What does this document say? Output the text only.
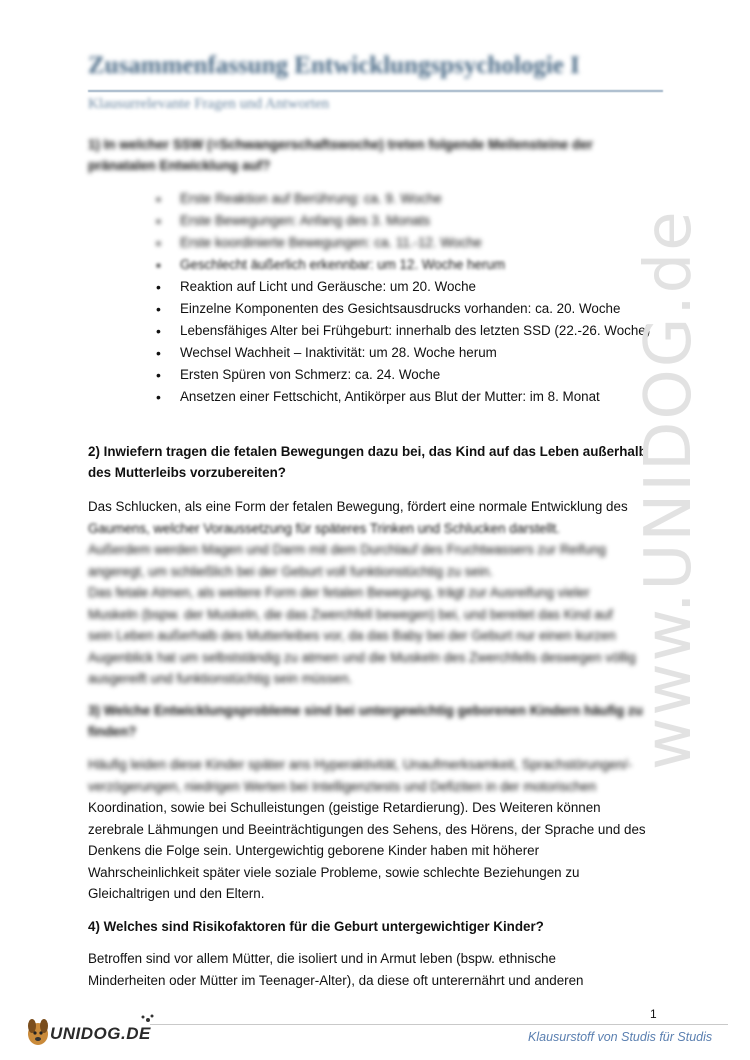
Zusammenfassung Entwicklungspsychologie I
Klausurrelevante Fragen und Antworten
1) In welcher SSW (=Schwangerschaftswoche) treten folgende Meilensteine der pränatalen Entwicklung auf?
• Erste Reaktion auf Berührung: ca. 9. Woche
• Erste Bewegungen: Anfang des 3. Monats
• Erste koordinierte Bewegungen: ca. 11.-12. Woche
• Geschlecht äußerlich erkennbar: um 12. Woche herum
• Reaktion auf Licht und Geräusche: um 20. Woche
• Einzelne Komponenten des Gesichtsausdrucks vorhanden: ca. 20. Woche
• Lebensfähiges Alter bei Frühgeburt: innerhalb des letzten SSD (22.-26. Woche)
• Wechsel Wachheit – Inaktivität: um 28. Woche herum
• Ersten Spüren von Schmerz: ca. 24. Woche
• Ansetzen einer Fettschicht, Antikörper aus Blut der Mutter: im 8. Monat
2) Inwiefern tragen die fetalen Bewegungen dazu bei, das Kind auf das Leben außerhalb des Mutterleibs vorzubereiten?
Das Schlucken, als eine Form der fetalen Bewegung, fördert eine normale Entwicklung des
Gaumens, welcher Voraussetzung für späteres Trinken und Schlucken darstellt.
Außerdem werden Magen und Darm mit dem Durchlauf des Fruchtwassers zur Reifung
angeregt, um schließlich bei der Geburt voll funktionstüchtig zu sein.
Das fetale Atmen, als weitere Form der fetalen Bewegung, trägt zur Ausreifung vieler
Muskeln (bspw. der Muskeln, die das Zwerchfell bewegen) bei, und bereitet das Kind auf
sein Leben außerhalb des Mutterleibes vor, da das Baby bei der Geburt nur einen kurzen
Augenblick hat um selbstständig zu atmen und die Muskeln des Zwerchfells deswegen völlig
ausgereift und funktionstüchtig sein müssen.
3) Welche Entwicklungsprobleme sind bei untergewichtig geborenen Kindern häufig zu finden?
Häufig leiden diese Kinder später ans Hyperaktivität, Unaufmerksamkeit, Sprachstörungen/-
verzögerungen, niedrigen Werten bei Intelligenztests und Defiziten in der motorischen
Koordination, sowie bei Schulleistungen (geistige Retardierung). Des Weiteren können
zerebrale Lähmungen und Beeinträchtigungen des Sehens, des Hörens, der Sprache und des
Denkens die Folge sein. Untergewichtig geborene Kinder haben mit höherer
Wahrscheinlichkeit später viele soziale Probleme, sowie schlechte Beziehungen zu
Gleichaltrigen und den Eltern.
4) Welches sind Risikofaktoren für die Geburt untergewichtiger Kinder?
Betroffen sind vor allem Mütter, die isoliert und in Armut leben (bspw. ethnische
Minderheiten oder Mütter im Teenager-Alter), da diese oft unterernährt und anderen
www.UNIDOG.de
1
UNIDOG.DE	Klausurstoff von Studis für Studis
